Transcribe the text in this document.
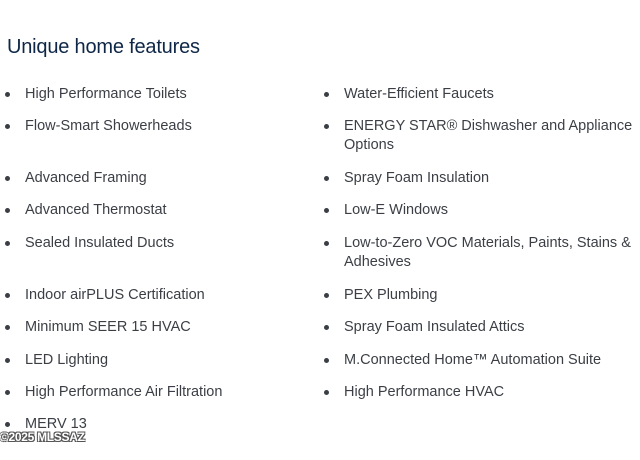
Unique home features
High Performance Toilets
Flow-Smart Showerheads
Advanced Framing
Advanced Thermostat
Sealed Insulated Ducts
Indoor airPLUS Certification
Minimum SEER 15 HVAC
LED Lighting
High Performance Air Filtration
MERV 13
Water-Efficient Faucets
ENERGY STAR® Dishwasher and Appliance Options
Spray Foam Insulation
Low-E Windows
Low-to-Zero VOC Materials, Paints, Stains & Adhesives
PEX Plumbing
Spray Foam Insulated Attics
M.Connected Home™ Automation Suite
High Performance HVAC
©2025 MLSSAZ
